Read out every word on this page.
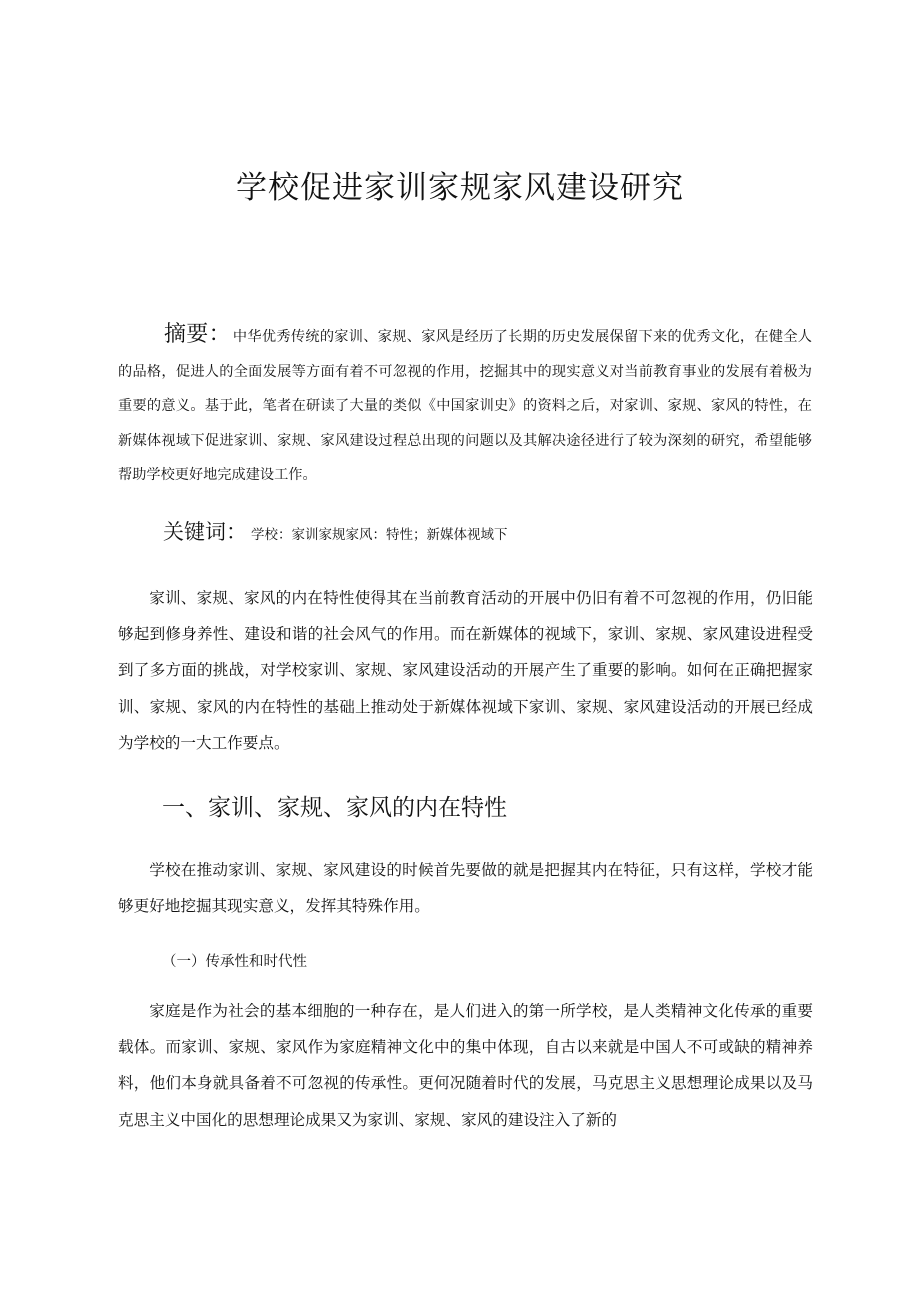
学校促进家训家规家风建设研究

摘要： 中华优秀传统的家训、家规、家风是经历了长期的历史发展保留下来的优秀文化，在健全人的品格，促进人的全面发展等方面有着不可忽视的作用，挖掘其中的现实意义对当前教育事业的发展有着极为重要的意义。基于此，笔者在研读了大量的类似《中国家训史》的资料之后，对家训、家规、家风的特性，在新媒体视域下促进家训、家规、家风建设过程总出现的问题以及其解决途径进行了较为深刻的研究，希望能够帮助学校更好地完成建设工作。

关键词： 学校：家训家规家风：特性；新媒体视域下

家训、家规、家风的内在特性使得其在当前教育活动的开展中仍旧有着不可忽视的作用，仍旧能够起到修身养性、建设和谐的社会风气的作用。而在新媒体的视域下，家训、家规、家风建设进程受到了多方面的挑战，对学校家训、家规、家风建设活动的开展产生了重要的影响。如何在正确把握家训、家规、家风的内在特性的基础上推动处于新媒体视域下家训、家规、家风建设活动的开展已经成为学校的一大工作要点。

一、家训、家规、家风的内在特性

学校在推动家训、家规、家风建设的时候首先要做的就是把握其内在特征，只有这样，学校才能够更好地挖掘其现实意义，发挥其特殊作用。

（一）传承性和时代性

家庭是作为社会的基本细胞的一种存在，是人们进入的第一所学校，是人类精神文化传承的重要载体。而家训、家规、家风作为家庭精神文化中的集中体现，自古以来就是中国人不可或缺的精神养料，他们本身就具备着不可忽视的传承性。更何况随着时代的发展，马克思主义思想理论成果以及马克思主义中国化的思想理论成果又为家训、家规、家风的建设注入了新的
